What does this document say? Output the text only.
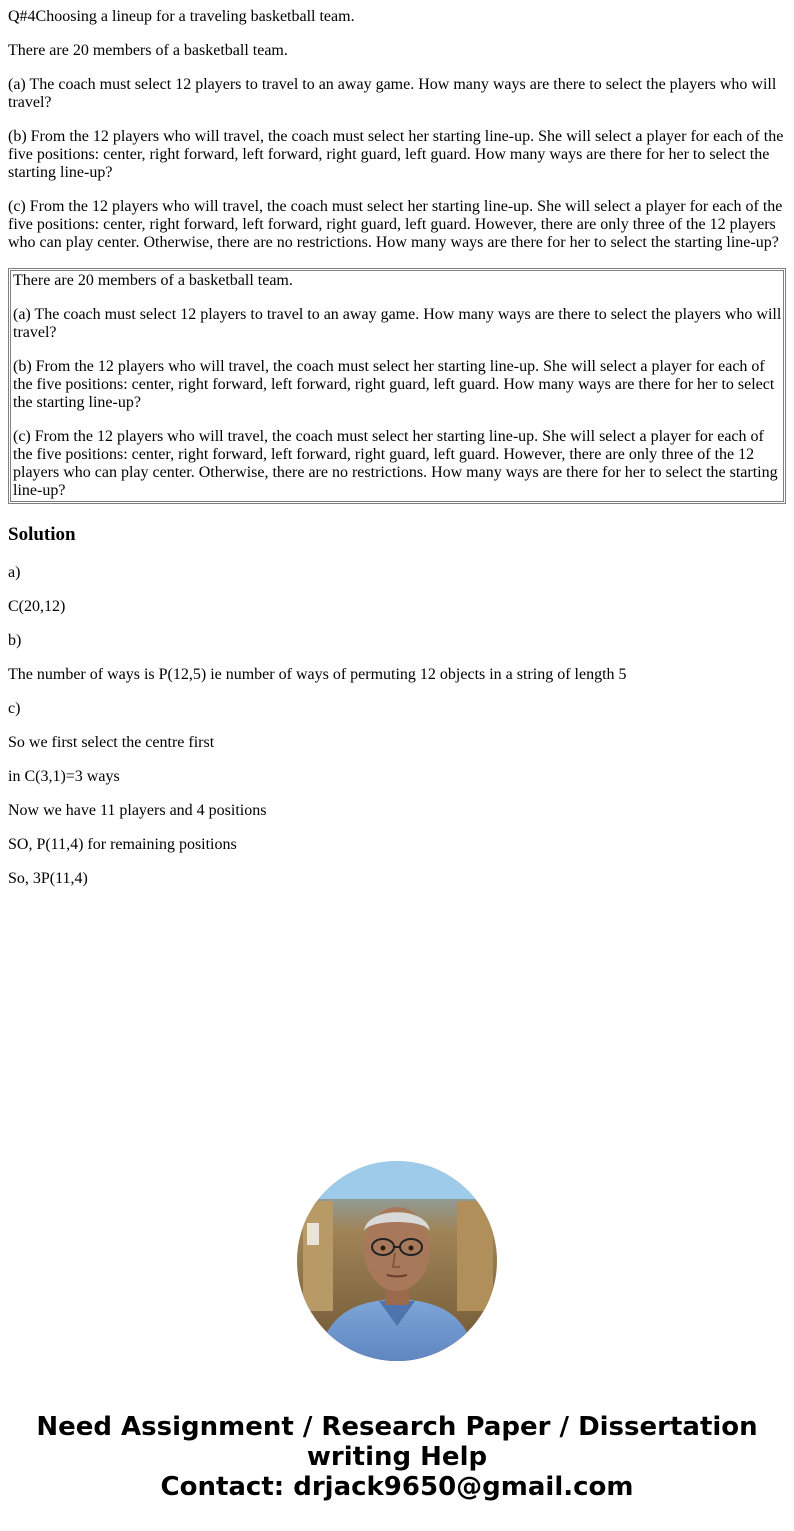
Q#4Choosing a lineup for a traveling basketball team.

There are 20 members of a basketball team.

(a) The coach must select 12 players to travel to an away game. How many ways are there to select the players who will travel?

(b) From the 12 players who will travel, the coach must select her starting line-up. She will select a player for each of the five positions: center, right forward, left forward, right guard, left guard. How many ways are there for her to select the starting line-up?

(c) From the 12 players who will travel, the coach must select her starting line-up. She will select a player for each of the five positions: center, right forward, left forward, right guard, left guard. However, there are only three of the 12 players who can play center. Otherwise, there are no restrictions. How many ways are there for her to select the starting line-up?

There are 20 members of a basketball team.

(a) The coach must select 12 players to travel to an away game. How many ways are there to select the players who will travel?

(b) From the 12 players who will travel, the coach must select her starting line-up. She will select a player for each of the five positions: center, right forward, left forward, right guard, left guard. How many ways are there for her to select the starting line-up?

(c) From the 12 players who will travel, the coach must select her starting line-up. She will select a player for each of the five positions: center, right forward, left forward, right guard, left guard. However, there are only three of the 12 players who can play center. Otherwise, there are no restrictions. How many ways are there for her to select the starting line-up?

Solution

a)

C(20,12)

b)

The number of ways is P(12,5) ie number of ways of permuting 12 objects in a string of length 5

c)

So we first select the centre first

in C(3,1)=3 ways

Now we have 11 players and 4 positions

SO, P(11,4) for remaining positions

So, 3P(11,4)

Need Assignment / Research Paper / Dissertation
writing Help
Contact: drjack9650@gmail.com
